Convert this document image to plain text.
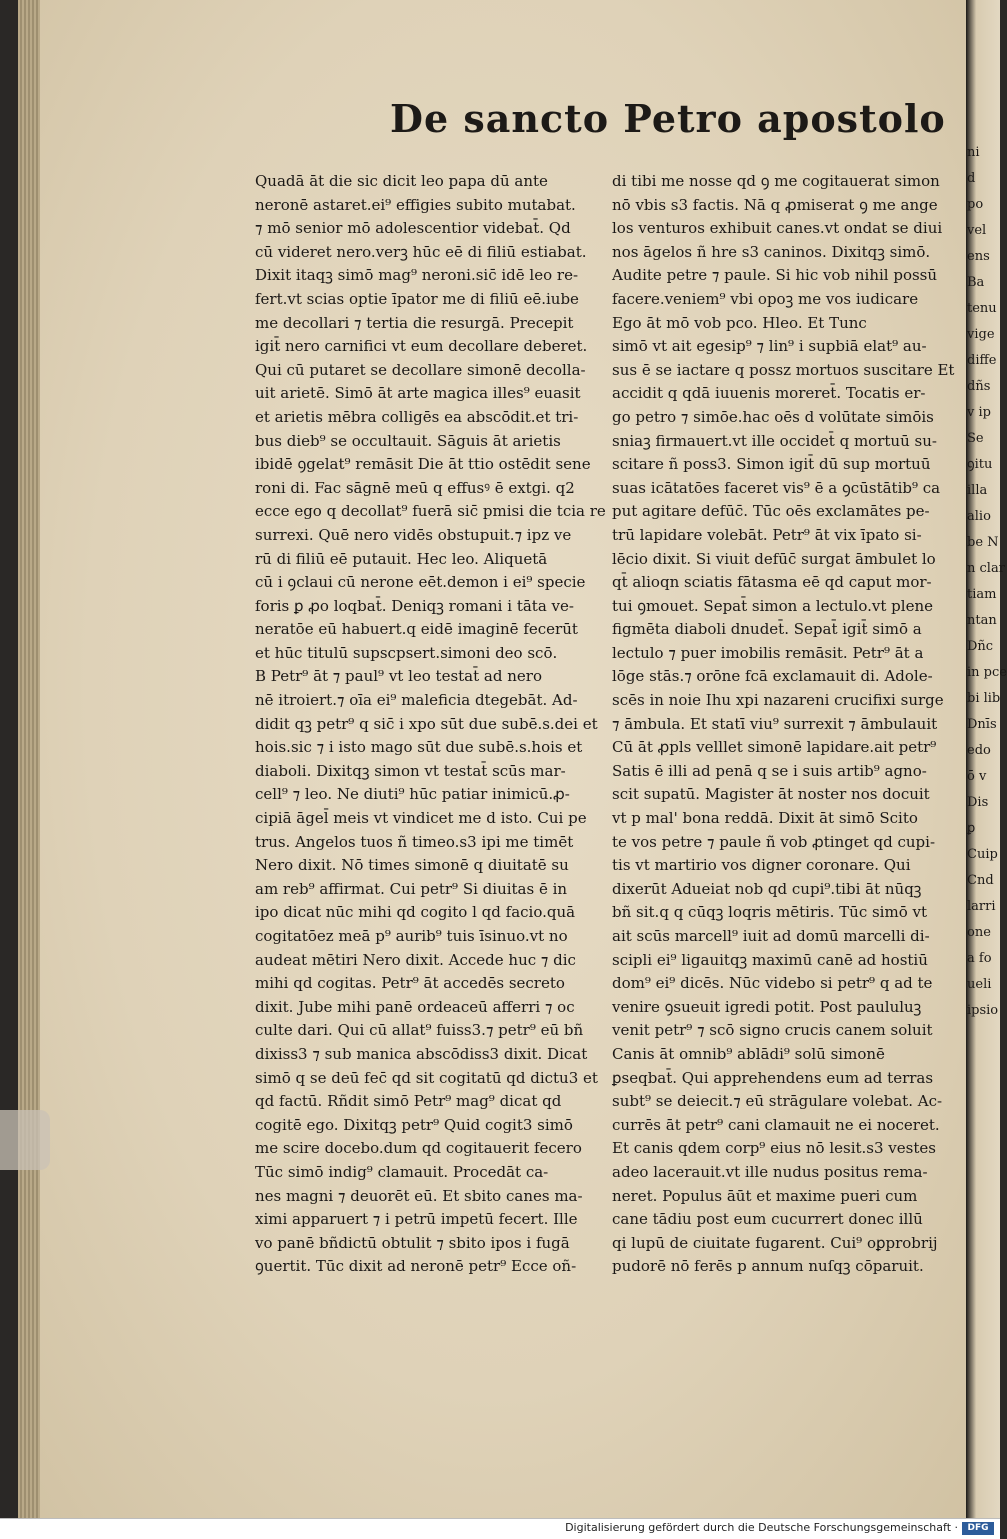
De sancto Petro apostolo
Quadā āt die sic dicit leo papa dū ante
neronē astaret.ei⁹ effigies subito mutabat.
⁊ mō senior mō adolescentior videbat̄. Qd
cū videret nero.verꝫ hūc eē di filiū estiabat.
Dixit itaqꝫ simō mag⁹ neroni.sic̄ idē leo re-
fert.vt scias optie īpator me di filiū eē.iube
me decollari ⁊ tertia die resurgā. Precepit
igit̄ nero carnifici vt eum decollare deberet.
Qui cū putaret se decollare simonē decolla-
uit arietē. Simō āt arte magica illes⁹ euasit
et arietis mēbra colligēs ea abscōdit.et tri-
bus dieb⁹ se occultauit. Sāguis āt arietis
ibidē ꝯgelat⁹ remāsit Die āt ttio ostēdit sene
roni di. Fac sāgnē meū q effusꝰ ē extgi. q2
ecce ego q decollat⁹ fuerā sic̄ pmisi die tcia re
surrexi. Quē nero vidēs obstupuit.⁊ ipz ve
rū di filiū eē putauit. Hec leo. Aliquetā
cū i ꝯclaui cū nerone eēt.demon i ei⁹ specie
foris ꝑ ꝓo loqbat̄. Deniqꝫ romani i tāta ve-
neratōe eū habuert.q eidē imaginē fecerūt
et hūc titulū supscpsert.simoni deo scō.
B Petr⁹ āt ⁊ paul⁹ vt leo testat̄ ad nero
nē itroiert.⁊ oīa ei⁹ maleficia dtegebāt. Ad-
didit qꝫ petr⁹ q sic̄ i xpo sūt due subē.s.dei et
hois.sic ⁊ i isto mago sūt due subē.s.hois et
diaboli. Dixitqꝫ simon vt testat̄ scūs mar-
cell⁹ ⁊ leo. Ne diuti⁹ hūc patiar inimicū.ꝓ-
cipiā āgel̄ meis vt vindicet me d isto. Cui pe
trus. Angelos tuos ñ timeo.s3 ipi me timēt
Nero dixit. Nō times simonē q diuitatē su
am reb⁹ affirmat. Cui petr⁹ Si diuitas ē in
ipo dicat nūc mihi qd cogito l qd facio.quā
cogitatōez meā p⁹ aurib⁹ tuis īsinuo.vt no
audeat mētiri Nero dixit. Accede huc ⁊ dic
mihi qd cogitas. Petr⁹ āt accedēs secreto
dixit. Jube mihi panē ordeaceū afferri ⁊ oc
culte dari. Qui cū allat⁹ fuiss3.⁊ petr⁹ eū bñ
dixiss3 ⁊ sub manica abscōdiss3 dixit. Dicat
simō q se deū fec̄ qd sit cogitatū qd dictu3 et
qd factū. Rñdit simō Petr⁹ mag⁹ dicat qd
cogitē ego. Dixitqꝫ petr⁹ Quid cogit3 simō
me scire docebo.dum qd cogitauerit fecero
Tūc simō indig⁹ clamauit. Procedāt ca-
nes magni ⁊ deuorēt eū. Et sbito canes ma-
ximi apparuert ⁊ i petrū impetū fecert. Ille
vo panē bñdictū obtulit ⁊ sbito ipos i fugā
ꝯuertit. Tūc dixit ad neronē petr⁹ Ecce oñ-
di tibi me nosse qd ꝯ me cogitauerat simon
nō vbis s3 factis. Nā q ꝓmiserat ꝯ me ange
los venturos exhibuit canes.vt ondat se diui
nos āgelos ñ hre s3 caninos. Dixitqꝫ simō.
Audite petre ⁊ paule. Si hic vob nihil possū
facere.veniem⁹ vbi opoꝫ me vos iudicare
Ego āt mō vob pco. Hleo. Et Tunc
simō vt ait egesip⁹ ⁊ lin⁹ i supbiā elat⁹ au-
sus ē se iactare q possz mortuos suscitare Et
accidit q qdā iuuenis moreret̄. Tocatis er-
go petro ⁊ simōe.hac oēs d volūtate simōis
sniaꝫ firmauert.vt ille occidet̄ q mortuū su-
scitare ñ poss3. Simon igit̄ dū sup mortuū
suas icātatōes faceret vis⁹ ē a ꝯcūstātib⁹ ca
put agitare defūc̄. Tūc oēs exclamātes pe-
trū lapidare volebāt. Petr⁹ āt vix īpato si-
lēcio dixit. Si viuit defūc̄ surgat āmbulet lo
qt̄ alioqn sciatis fātasma eē qd caput mor-
tui ꝯmouet. Sepat̄ simon a lectulo.vt plene
figmēta diaboli dnudet̄. Sepat̄ igit̄ simō a
lectulo ⁊ puer imobilis remāsit. Petr⁹ āt a
lōge stās.⁊ orōne fcā exclamauit di. Adole-
scēs in noie Ihu xpi nazareni crucifixi surge
⁊ āmbula. Et statī viu⁹ surrexit ⁊ āmbulauit
Cū āt ꝓpls velllet simonē lapidare.ait petr⁹
Satis ē illi ad penā q se i suis artib⁹ agno-
scit supatū. Magister āt noster nos docuit
vt p mal' bona reddā. Dixit āt simō Scito
te vos petre ⁊ paule ñ vob ꝓtinget qd cupi-
tis vt martirio vos digner coronare. Qui
dixerūt Adueiat nob qd cupi⁹.tibi āt nūqꝫ
bñ sit.q q cūqꝫ loqris mētiris. Tūc simō vt
ait scūs marcell⁹ iuit ad domū marcelli di-
scipli ei⁹ ligauitqꝫ maximū canē ad hostiū
dom⁹ ei⁹ dicēs. Nūc videbo si petr⁹ q ad te
venire ꝯsueuit igredi potit. Post paululuꝫ
venit petr⁹ ⁊ scō signo crucis canem soluit
Canis āt omnib⁹ ablādi⁹ solū simonē
ꝑseqbat̄. Qui apprehendens eum ad terras
subt⁹ se deiecit.⁊ eū strāgulare volebat. Ac-
currēs āt petr⁹ cani clamauit ne ei noceret.
Et canis qdem corp⁹ eius nō lesit.s3 vestes
adeo lacerauit.vt ille nudus positus rema-
neret. Populus āūt et maxime pueri cum
cane tādiu post eum cucurrert donec illū
qi lupū de ciuitate fugarent. Cui⁹ oꝑprobrij
pudorē nō ferēs p annum nuſqꝫ cōparuit.
ni
d
po
vel
ens
Ba
tenu
vige
diffe
dñs
v ip
Se
ꝯitu
illa
alio
be N
n clar
tiam
ntan
Dñc
in pce
bi lib
Dnīs
edo
ō v
Dis
ꝑ
Cuip
Cnd
larri
one
a fo
ueli
ipsio
Digitalisierung gefördert durch die Deutsche Forschungsgemeinschaft ·	DFG
